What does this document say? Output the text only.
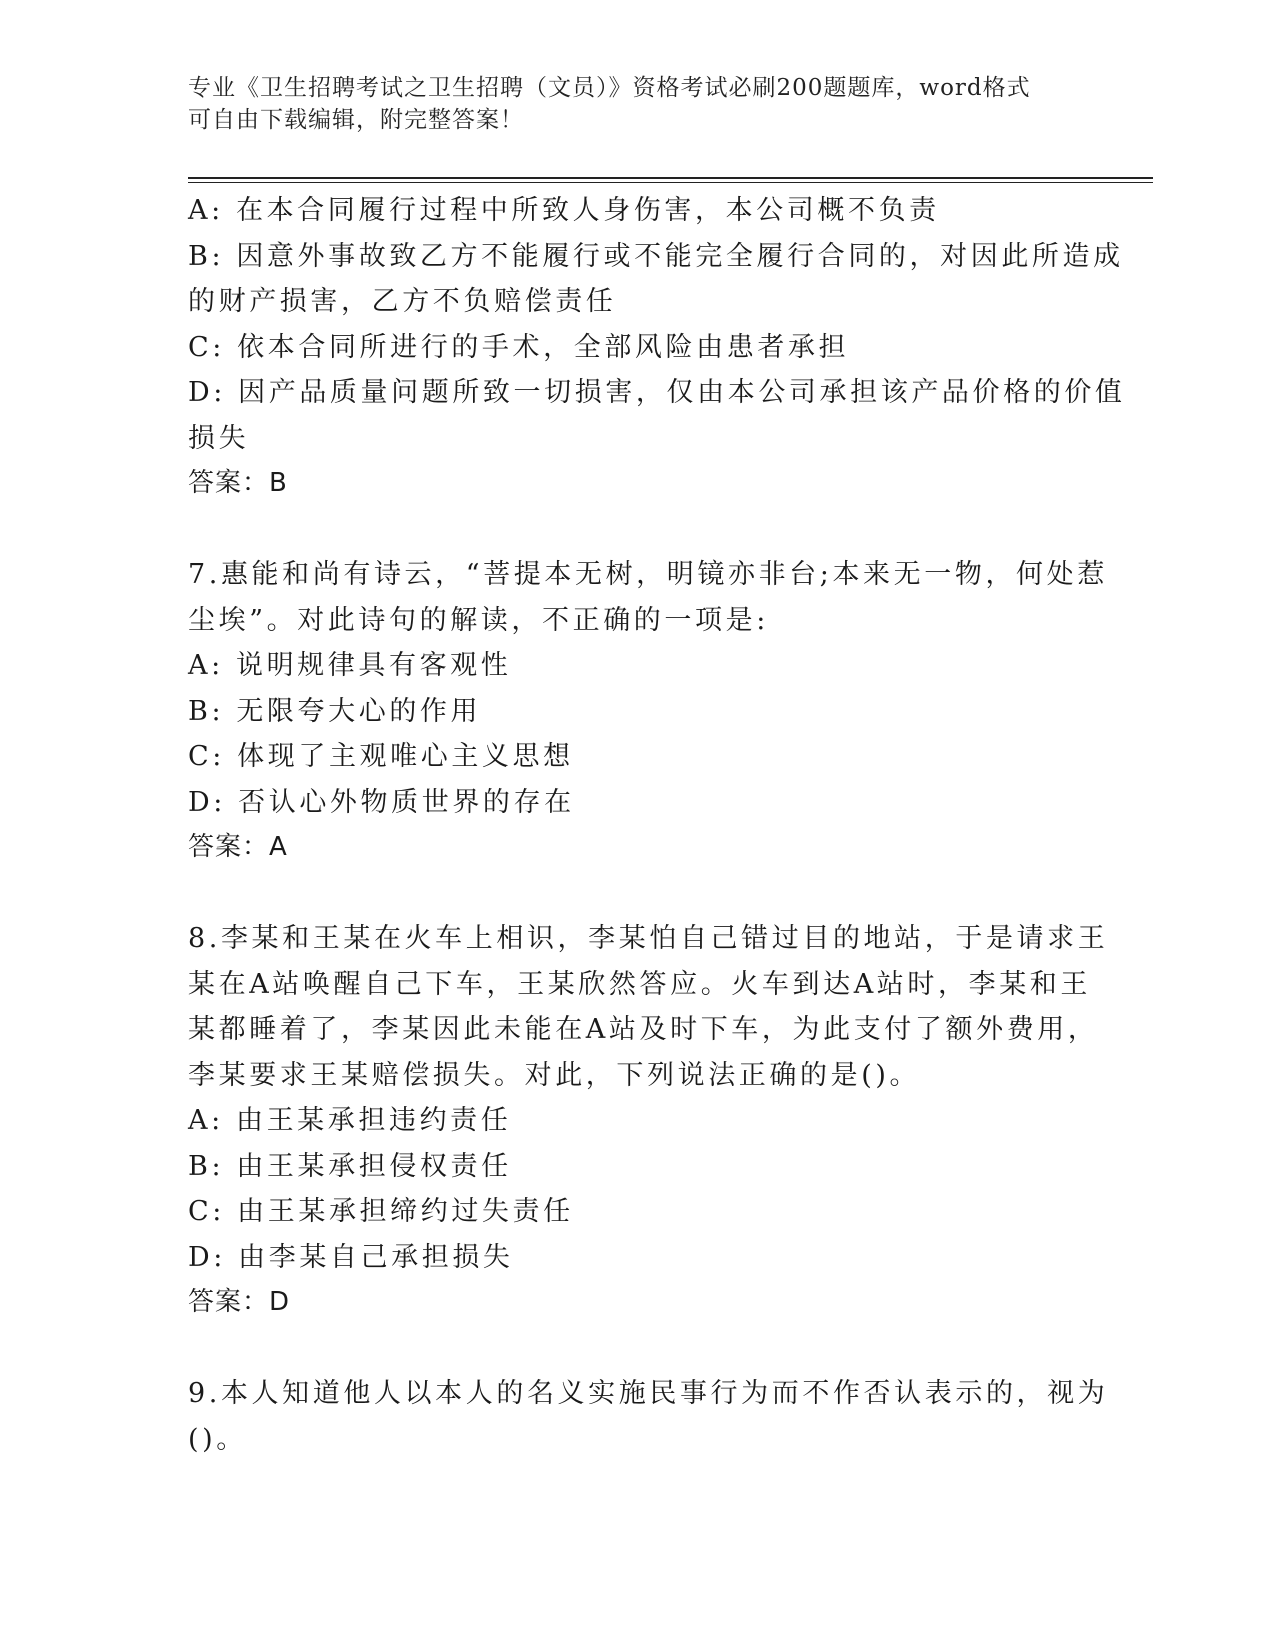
专业《卫生招聘考试之卫生招聘（文员）》资格考试必刷200题题库，word格式
可自由下载编辑，附完整答案！
A: 在本合同履行过程中所致人身伤害，本公司概不负责
B: 因意外事故致乙方不能履行或不能完全履行合同的，对因此所造成
的财产损害，乙方不负赔偿责任
C: 依本合同所进行的手术，全部风险由患者承担
D: 因产品质量问题所致一切损害，仅由本公司承担该产品价格的价值
损失
答案：B
7.惠能和尚有诗云，“菩提本无树，明镜亦非台;本来无一物，何处惹
尘埃”。对此诗句的解读，不正确的一项是:
A: 说明规律具有客观性
B: 无限夸大心的作用
C: 体现了主观唯心主义思想
D: 否认心外物质世界的存在
答案：A
8.李某和王某在火车上相识，李某怕自己错过目的地站，于是请求王
某在A站唤醒自己下车，王某欣然答应。火车到达A站时，李某和王
某都睡着了，李某因此未能在A站及时下车，为此支付了额外费用，
李某要求王某赔偿损失。对此，下列说法正确的是()。
A: 由王某承担违约责任
B: 由王某承担侵权责任
C: 由王某承担缔约过失责任
D: 由李某自己承担损失
答案：D
9.本人知道他人以本人的名义实施民事行为而不作否认表示的，视为
()。
